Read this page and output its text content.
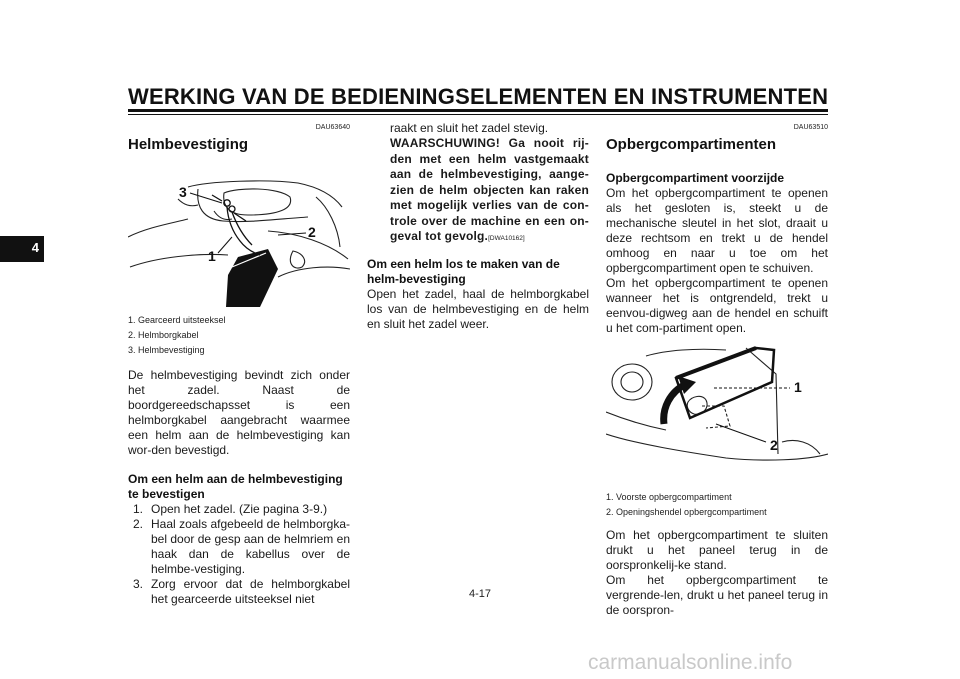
WERKING VAN DE BEDIENINGSELEMENTEN EN INSTRUMENTEN
4
DAU63640
Helmbevestiging
3
2
1
1. Gearceerd uitsteeksel
2. Helmborgkabel
3. Helmbevestiging

De helmbevestiging bevindt zich onder het zadel. Naast de boordgereedschapsset is een helmborgkabel aangebracht waarmee een helm aan de helmbevestiging kan wor-den bevestigd.

Om een helm aan de helmbevestiging te bevestigen
1. Open het zadel. (Zie pagina 3-9.)
2. Haal zoals afgebeeld de helmborgka-bel door de gesp aan de helmriem en haak dan de kabellus over de helmbe-vestiging.
3. Zorg ervoor dat de helmborgkabel het gearceerde uitsteeksel niet
raakt en sluit het zadel stevig.
WAARSCHUWING! Ga nooit rij-den met een helm vastgemaakt aan de helmbevestiging, aange-zien de helm objecten kan raken met mogelijk verlies van de con-trole over de machine en een on-geval tot gevolg.[DWA10162]
Om een helm los te maken van de helm-bevestiging

Open het zadel, haal de helmborgkabel los van de helmbevestiging en de helm en sluit het zadel weer.

DAU63510
Opbergcompartimenten
Opbergcompartiment voorzijde

Om het opbergcompartiment te openen als het gesloten is, steekt u de mechanische sleutel in het slot, draait u deze rechtsom en trekt u de hendel omhoog en naar u toe om het opbergcompartiment open te schuiven.

Om het opbergcompartiment te openen wanneer het is ontgrendeld, trekt u eenvou-digweg aan de hendel en schuift u het com-partiment open.

1
2
1. Voorste opbergcompartiment
2. Openingshendel opbergcompartiment

Om het opbergcompartiment te sluiten drukt u het paneel terug in de oorspronkelij-ke stand.

Om het opbergcompartiment te vergrende-len, drukt u het paneel terug in de oorspron-

4-17
carmanualsonline.info
